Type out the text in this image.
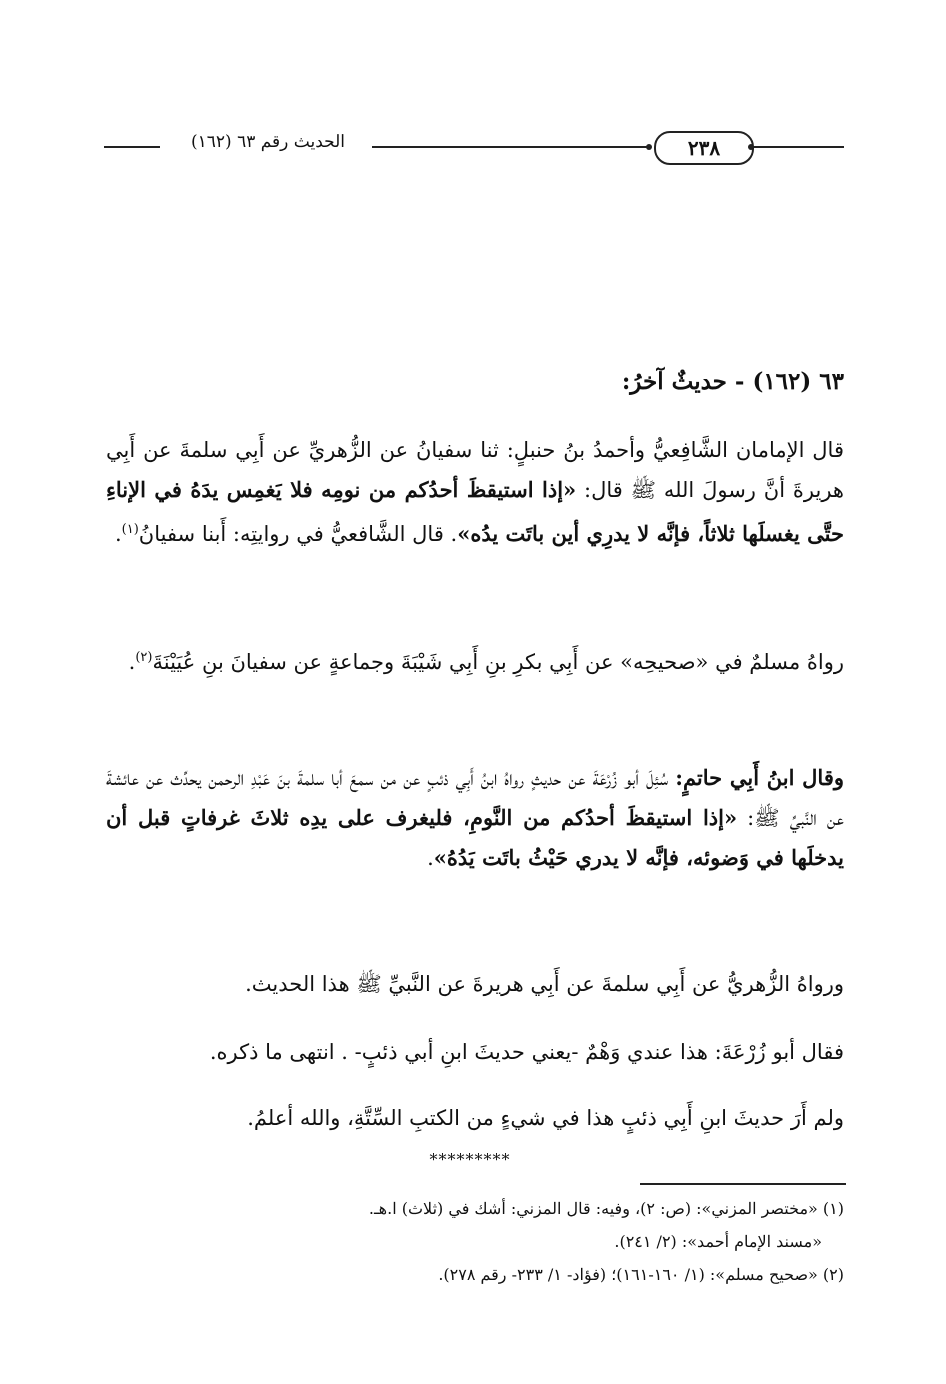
٢٣٨
الحديث رقم ٦٣ (١٦٢)
٦٣ (١٦٢) - حديثٌ آخرُ:
قال الإمامان الشَّافِعيُّ وأحمدُ بنُ حنبلٍ: ثنا سفيانُ عن الزُّهريِّ عن أَبِي سلمةَ عن أَبِي هريرةَ أنَّ رسولَ الله ﷺ قال: «إذا استيقظَ أحدُكم من نومِه فلا يَغمِس يدَهُ في الإناءِ حتَّى يغسلَها ثلاثاً، فإنَّه لا يدرِي أين باتَت يدُه». قال الشَّافعيُّ في روايتِه: أَبنا سفيانُ$^{(١)}$.
رواهُ مسلمٌ في «صحيحِه» عن أَبِي بكرِ بنِ أَبِي شَيْبَةَ وجماعةٍ عن سفيانَ بنِ عُيَيْنَةَ$^{(٢)}$.
وقال ابنُ أَبِي حاتمٍ: سُئِلَ أبو زُرْعَةَ عن حديثٍ رواهُ ابنُ أَبِي ذئبٍ عن من سمعَ أبا سلمةَ بنَ عَبْدِ الرحمن يحدِّث عن عائشةَ عن النَّبيِّ ﷺ: «إذا استيقظَ أحدُكم من النَّومِ، فليغرف على يدِه ثلاثَ غرفاتٍ قبل أن يدخلَها في وَضوئه، فإنَّه لا يدري حَيْثُ باتَت يَدُهُ».
ورواهُ الزُّهريُّ عن أَبِي سلمةَ عن أَبِي هريرةَ عن النَّبيِّ ﷺ هذا الحديث.
فقال أبو زُرْعَةَ: هذا عندي وَهْمٌ -يعني حديثَ ابنِ أبي ذئبٍ- . انتهى ما ذكره.
ولم أَرَ حديثَ ابنِ أَبِي ذئبٍ هذا في شيءٍ من الكتبِ السِّتَّةِ، والله أعلمُ.
*********
(١) «مختصر المزني»: (ص: ٢)، وفيه: قال المزني: أشك في (ثلاث) ا.هـ.
«مسند الإمام أحمد»: (٢/ ٢٤١).
(٢) «صحيح مسلم»: (١/ ١٦٠-١٦١)؛ (فؤاد- ١/ ٢٣٣- رقم ٢٧٨).
